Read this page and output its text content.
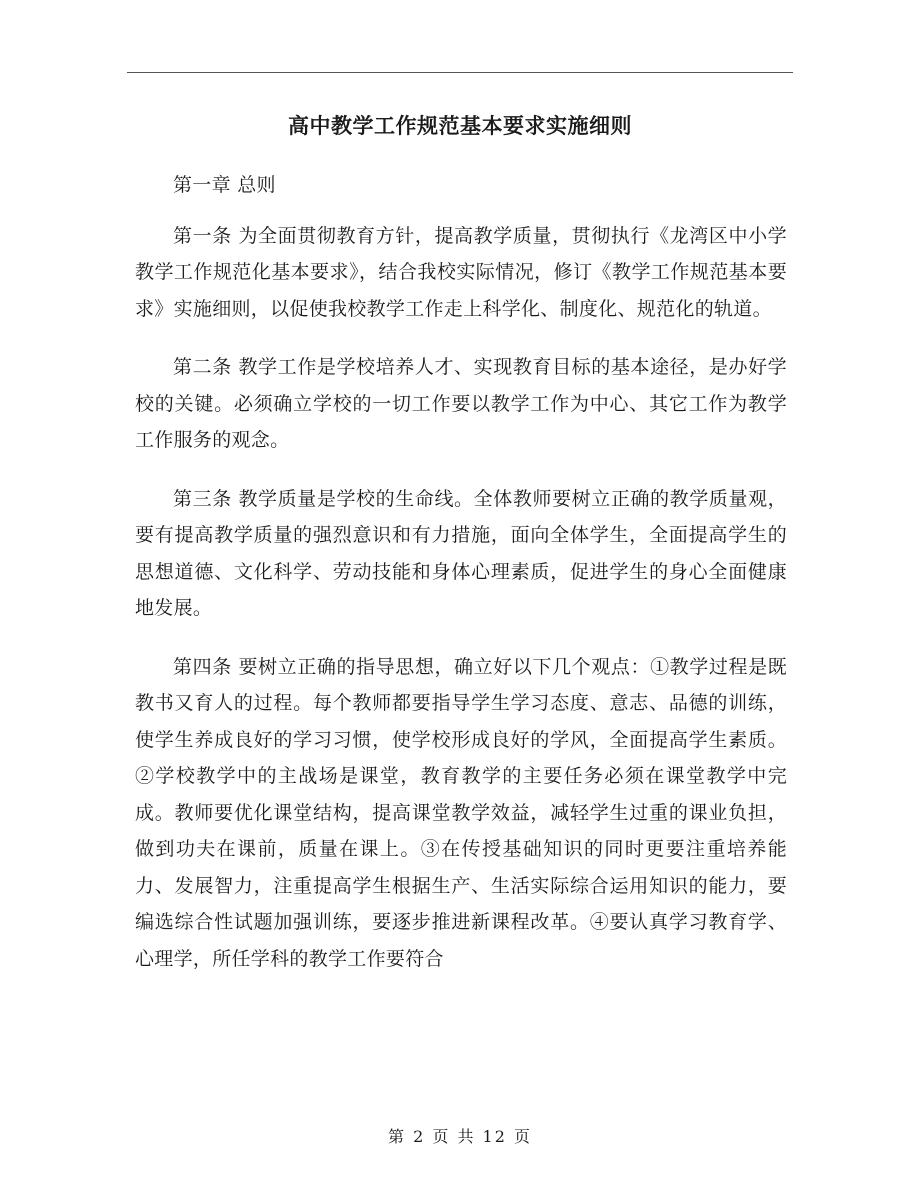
高中教学工作规范基本要求实施细则

第一章 总则

第一条 为全面贯彻教育方针，提高教学质量，贯彻执行《龙湾区中小学教学工作规范化基本要求》，结合我校实际情况，修订《教学工作规范基本要求》实施细则，以促使我校教学工作走上科学化、制度化、规范化的轨道。

第二条 教学工作是学校培养人才、实现教育目标的基本途径，是办好学校的关键。必须确立学校的一切工作要以教学工作为中心、其它工作为教学工作服务的观念。

第三条 教学质量是学校的生命线。全体教师要树立正确的教学质量观，要有提高教学质量的强烈意识和有力措施，面向全体学生，全面提高学生的思想道德、文化科学、劳动技能和身体心理素质，促进学生的身心全面健康地发展。

第四条 要树立正确的指导思想，确立好以下几个观点：①教学过程是既教书又育人的过程。每个教师都要指导学生学习态度、意志、品德的训练，使学生养成良好的学习习惯，使学校形成良好的学风，全面提高学生素质。②学校教学中的主战场是课堂，教育教学的主要任务必须在课堂教学中完成。教师要优化课堂结构，提高课堂教学效益，减轻学生过重的课业负担，做到功夫在课前，质量在课上。③在传授基础知识的同时更要注重培养能力、发展智力，注重提高学生根据生产、生活实际综合运用知识的能力，要编选综合性试题加强训练，要逐步推进新课程改革。④要认真学习教育学、心理学，所任学科的教学工作要符合

第 2 页 共 12 页
